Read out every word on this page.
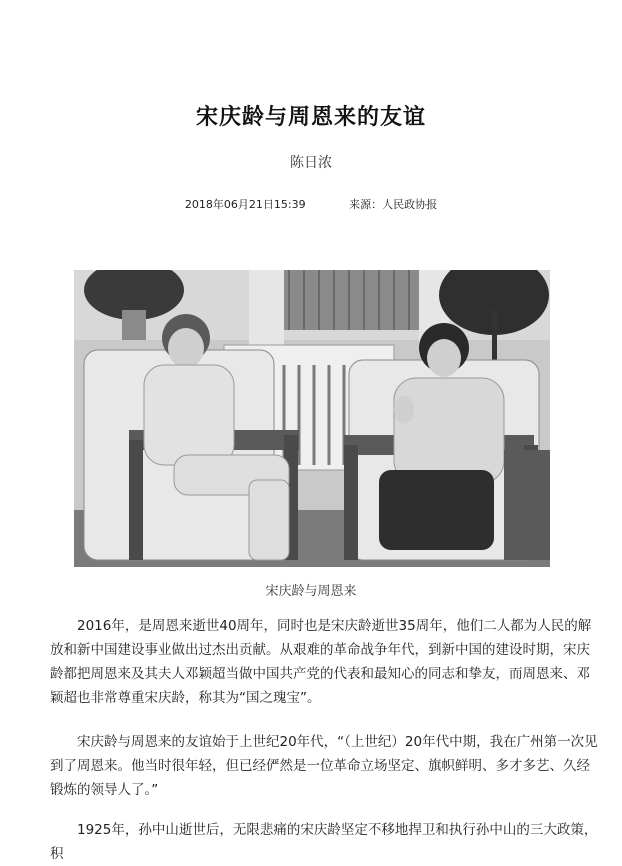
宋庆龄与周恩来的友谊
陈日浓
2018年06月21日15:39	来源：人民政协报
宋庆龄与周恩来
　　2016年，是周恩来逝世40周年，同时也是宋庆龄逝世35周年，他们二人都为人民的解放和新中国建设事业做出过杰出贡献。从艰难的革命战争年代，到新中国的建设时期，宋庆龄都把周恩来及其夫人邓颖超当做中国共产党的代表和最知心的同志和挚友，而周恩来、邓颖超也非常尊重宋庆龄，称其为“国之瑰宝”。
　　宋庆龄与周恩来的友谊始于上世纪20年代，“（上世纪）20年代中期，我在广州第一次见到了周恩来。他当时很年轻，但已经俨然是一位革命立场坚定、旗帜鲜明、多才多艺、久经锻炼的领导人了。”
　　1925年，孙中山逝世后，无限悲痛的宋庆龄坚定不移地捍卫和执行孙中山的三大政策，积
